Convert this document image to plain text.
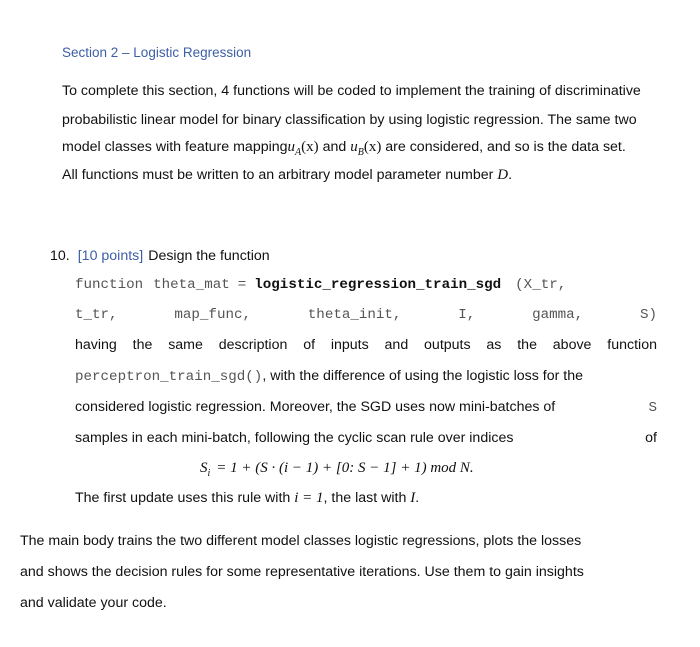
Section 2 – Logistic Regression
To complete this section, 4 functions will be coded to implement the training of discriminative
probabilistic linear model for binary classification by using logistic regression. The same two
model classes with feature mapping $u_A$ (x) and $u_B$ (x) are considered, and so is the data set.
All functions must be written to an arbitrary model parameter number D .
10. [10 points] Design the function
function theta_mat = logistic_regression_train_sgd (X_tr,
t_tr,	map_func,	theta_init,	I,	gamma,	S)
having the same description of inputs and outputs as the above function
perceptron_train_sgd() , with the difference of using the logistic loss for the
considered logistic regression. Moreover, the SGD uses now mini-batches of	S
samples in each mini-batch, following the cyclic scan rule over indices	of
$S_i = 1 + (S \cdot (i - 1) + [0$: S − 1] + 1) mod N.
The first update uses this rule with i = 1 , the last with I .
The main body trains the two different model classes logistic regressions, plots the losses
and shows the decision rules for some representative iterations. Use them to gain insights
and validate your code.
